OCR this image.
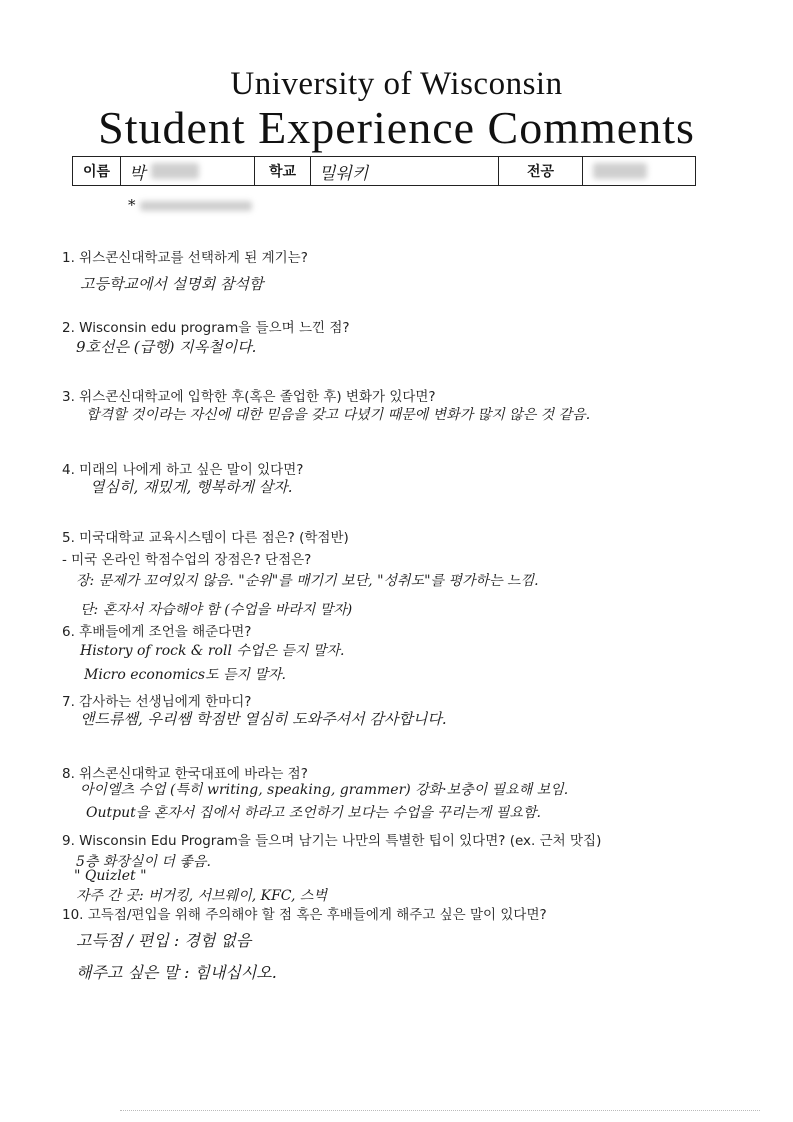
University of Wisconsin
Student Experience Comments
이름	박	학교	밀워키	전공
*
1. 위스콘신대학교를 선택하게 된 계기는?
고등학교에서 설명회 참석함
2. Wisconsin edu program을 들으며 느낀 점?
9호선은 (급행) 지옥철이다.
3. 위스콘신대학교에 입학한 후(혹은 졸업한 후) 변화가 있다면?
합격할 것이라는 자신에 대한 믿음을 갖고 다녔기 때문에 변화가 많지 않은 것 같음.
4. 미래의 나에게 하고 싶은 말이 있다면?
열심히, 재밌게, 행복하게 살자.
5. 미국대학교 교육시스템이 다른 점은? (학점반)
- 미국 온라인 학점수업의 장점은? 단점은?
장: 문제가 꼬여있지 않음. "순위"를 매기기 보단, "성취도"를 평가하는 느낌.
단: 혼자서 자습해야 함 (수업을 바라지 말자)
6. 후배들에게 조언을 해준다면?
History of rock & roll 수업은 듣지 말자.
Micro economics도 듣지 말자.
7. 감사하는 선생님에게 한마디?
앤드류쌤, 우리쌤 학점반 열심히 도와주셔서 감사합니다.
8. 위스콘신대학교 한국대표에 바라는 점?
아이엘츠 수업 (특히 writing, speaking, grammer) 강화·보충이 필요해 보임.
Output을 혼자서 집에서 하라고 조언하기 보다는 수업을 꾸리는게 필요함.
9. Wisconsin Edu Program을 들으며 남기는 나만의 특별한 팁이 있다면? (ex. 근처 맛집)
5층 화장실이 더 좋음.
" Quizlet "
자주 간 곳: 버거킹, 서브웨이, KFC, 스벅
10. 고득점/편입을 위해 주의해야 할 점 혹은 후배들에게 해주고 싶은 말이 있다면?
고득점 / 편입 : 경험 없음
해주고 싶은 말 : 힘내십시오.
